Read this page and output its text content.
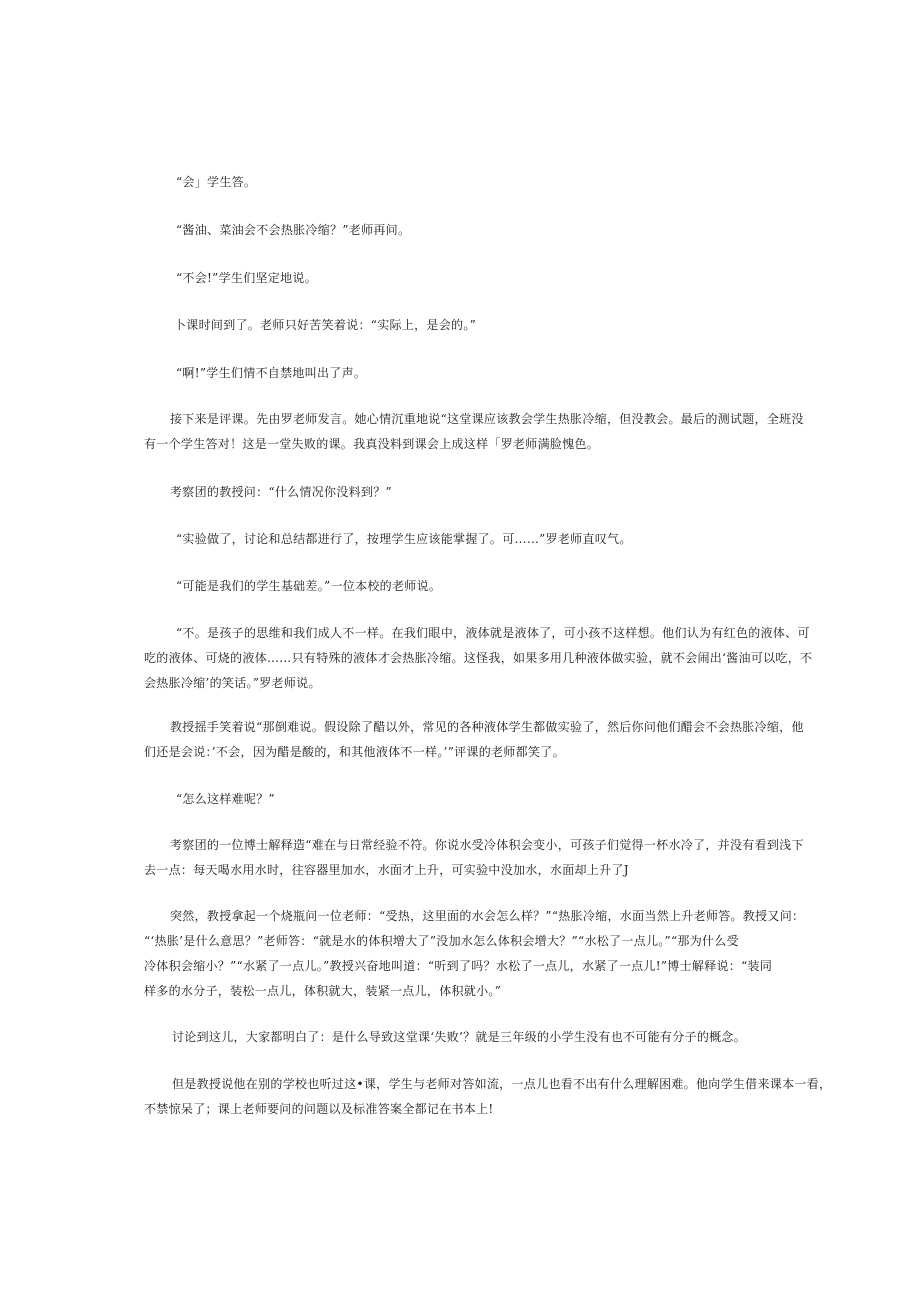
“会」学生答。

“酱油、菜油会不会热胀冷缩？”老师再问。

“不会!”学生们坚定地说。

卜课时间到了。老师只好苦笑着说：“实际上，是会的。”

“啊!”学生们情不自禁地叫出了声。

接下来是评课。先由罗老师发言。她心情沉重地说“这堂课应该教会学生热胀冷缩，但没教会。最后的测试题，全班没
有一个学生答对！这是一堂失败的课。我真没料到课会上成这样「罗老师满脸愧色。

考察团的教授问：“什么情况你没料到？”

“实验做了，讨论和总结都进行了，按理学生应该能掌握了。可……”罗老师直叹气。

“可能是我们的学生基础差。”一位本校的老师说。

“不。是孩子的思维和我们成人不一样。在我们眼中，液体就是液体了，可小孩不这样想。他们认为有红色的液体、可
吃的液体、可烧的液体……只有特殊的液体才会热胀冷缩。这怪我，如果多用几种液体做实验，就不会闹出‘酱油可以吃，不
会热胀冷缩’的笑话。”罗老师说。

教授摇手笑着说“那倒难说。假设除了醋以外，常见的各种液体学生都做实验了，然后你问他们醋会不会热胀冷缩，他
们还是会说：’不会，因为醋是酸的，和其他液体不一样。’”评课的老师都笑了。

“怎么这样难呢？”

考察团的一位博士解释造“难在与日常经验不符。你说水受冷体积会变小，可孩子们觉得一杯水冷了，并没有看到浅下
去一点：每天喝水用水时，往容器里加水，水面才上升，可实验中没加水，水面却上升了J

突然，教授拿起一个烧瓶问一位老师：“受热，这里面的水会怎么样？”“热胀冷缩，水面当然上升老师答。教授又问：
“‘热胀’是什么意思？”老师答：“就是水的体积增大了”没加水怎么体积会增大？”“水松了一点儿。”“那为什么受
冷体积会缩小？”“水紧了一点儿。”教授兴奋地叫道：“听到了吗？水松了一点儿，水紧了一点儿!”博士解释说：“装同
样多的水分子，装松一点儿，体积就大，装紧一点儿，体积就小。”

讨论到这儿，大家都明白了：是什么导致这堂课‘失败’？就是三年级的小学生没有也不可能有分子的概念。

但是教授说他在别的学校也听过这•课，学生与老师对答如流，一点儿也看不出有什么理解困难。他向学生借来课本一看，
不禁惊呆了；课上老师要问的问题以及标准答案全都记在书本上!
